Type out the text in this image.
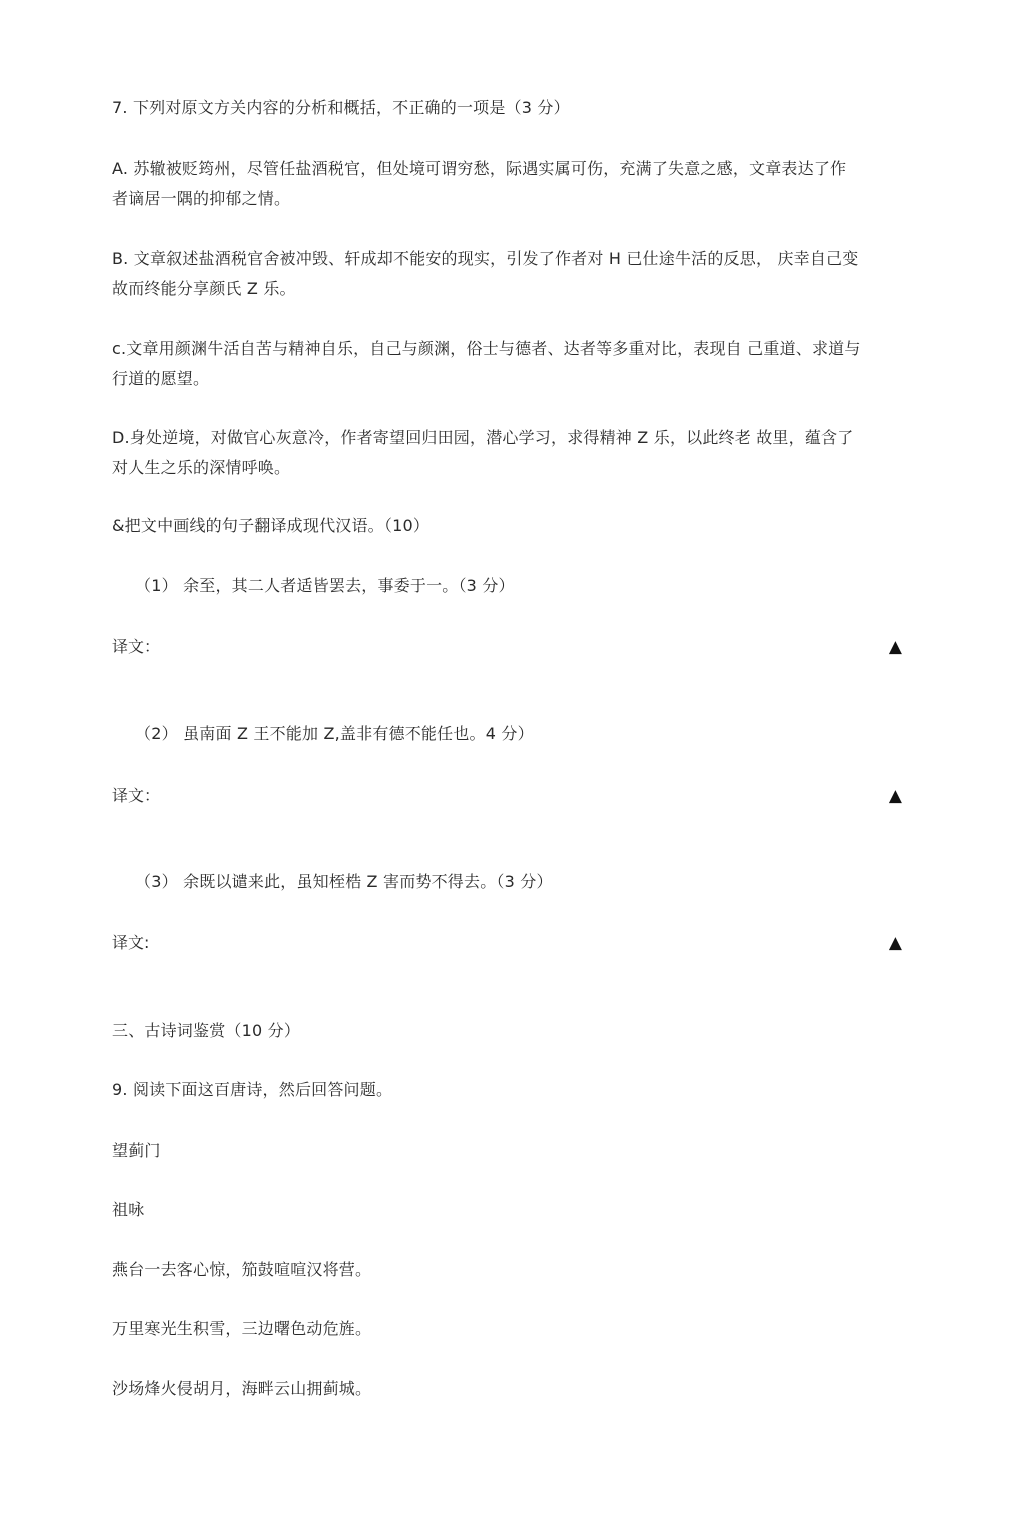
7. 下列对原文方关内容的分析和概括，不正确的一项是（3 分）
A. 苏辙被贬筠州，尽管任盐酒税官，但处境可谓穷愁，际遇实属可伤，充满了失意之感，文章表达了作
者谪居一隅的抑郁之情。
B. 文章叙述盐酒税官舍被冲毁、轩成却不能安的现实，引发了作者对 H 已仕途牛活的反思， 庆幸自己变
故而终能分享颜氏 Z 乐。
c.文章用颜渊牛活自苦与精神自乐，自己与颜渊，俗士与德者、达者等多重对比，表现自 己重道、求道与
行道的愿望。
D.身处逆境，对做官心灰意冷，作者寄望回归田园，潜心学习，求得精神 Z 乐，以此终老 故里，蕴含了
对人生之乐的深情呼唤。
&把文中画线的句子翻译成现代汉语。（10）
（1） 余至，其二人者适皆罢去，事委于一。（3 分）
译文：	▲
（2） 虽南面 Z 王不能加 Z,盖非有德不能任也。4 分）
译文：	▲
（3） 余既以谴来此，虽知桎梏 Z 害而势不得去。（3 分）
译文:	▲
三、古诗词鉴赏（10 分）
9. 阅读下面这百唐诗，然后回答问题。
望蓟门
祖咏
燕台一去客心惊，笳鼓喧喧汉将营。
万里寒光生积雪，三边曙色动危旌。
沙场烽火侵胡月，海畔云山拥蓟城。
